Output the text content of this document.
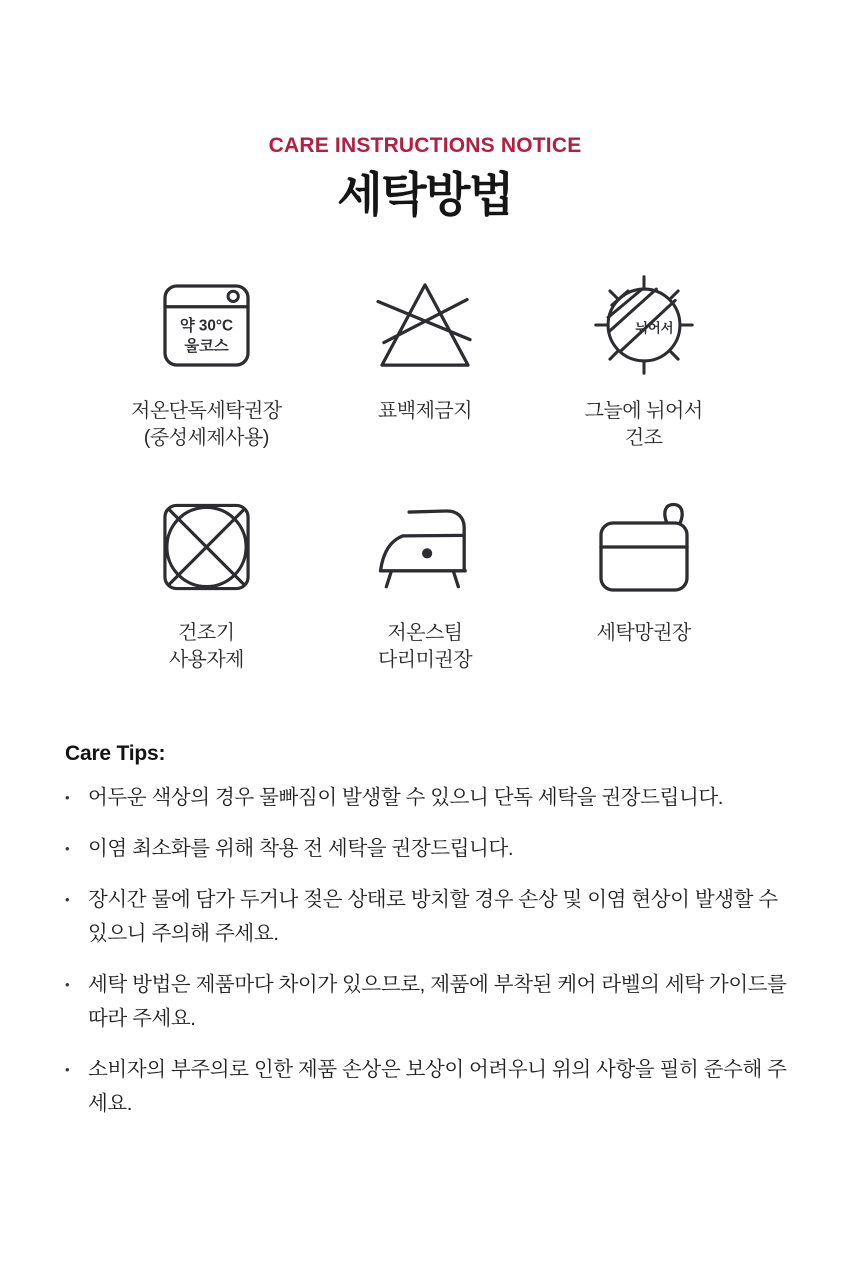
CARE INSTRUCTIONS NOTICE
세탁방법
약 30°C
울코스
저온단독세탁권장
(중성세제사용)
표백제금지
뉘어서
그늘에 뉘어서
건조
건조기
사용자제
저온스팀
다리미권장
세탁망권장
Care Tips:
• 어두운 색상의 경우 물빠짐이 발생할 수 있으니 단독 세탁을 권장드립니다.
• 이염 최소화를 위해 착용 전 세탁을 권장드립니다.
• 장시간 물에 담가 두거나 젖은 상태로 방치할 경우 손상 및 이염 현상이 발생할 수 있으니 주의해 주세요.
• 세탁 방법은 제품마다 차이가 있으므로, 제품에 부착된 케어 라벨의 세탁 가이드를 따라 주세요.
• 소비자의 부주의로 인한 제품 손상은 보상이 어려우니 위의 사항을 필히 준수해 주세요.
